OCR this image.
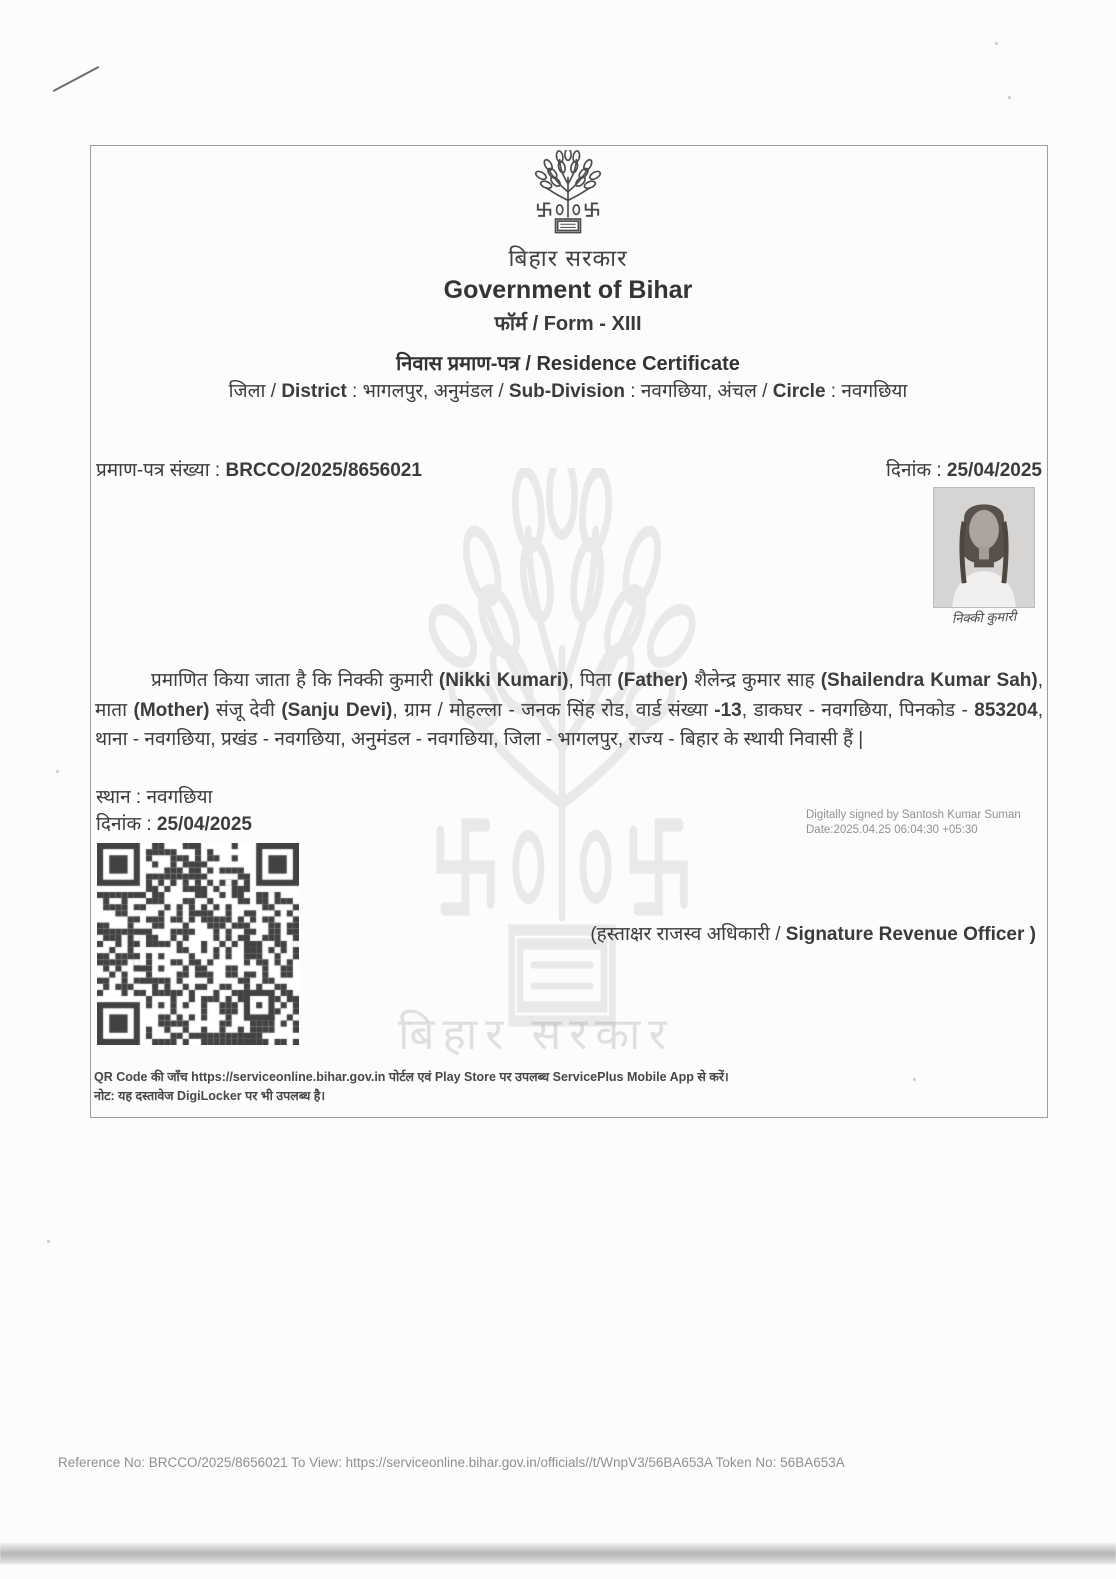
बिहार सरकार
बिहार सरकार
Government of Bihar
फॉर्म / Form - XIII
निवास प्रमाण-पत्र / Residence Certificate
जिला / District : भागलपुर, अनुमंडल / Sub-Division : नवगछिया, अंचल / Circle : नवगछिया
प्रमाण-पत्र संख्या : BRCCO/2025/8656021	दिनांक : 25/04/2025
निक्की कुमारी
प्रमाणित किया जाता है कि निक्की कुमारी (Nikki Kumari), पिता (Father) शैलेन्द्र कुमार साह (Shailendra Kumar Sah), माता (Mother) संजू देवी (Sanju Devi), ग्राम / मोहल्ला - जनक सिंह रोड, वार्ड संख्या -13, डाकघर - नवगछिया, पिनकोड - 853204, थाना - नवगछिया, प्रखंड - नवगछिया, अनुमंडल - नवगछिया, जिला - भागलपुर, राज्य - बिहार के स्थायी निवासी हैं |
स्थान : नवगछिया
दिनांक : 25/04/2025	Digitally signed by Santosh Kumar Suman
Date:2025.04.25 06:04:30 +05:30
(हस्ताक्षर राजस्व अधिकारी / Signature Revenue Officer )
QR Code की जाँच https://serviceonline.bihar.gov.in पोर्टल एवं Play Store पर उपलब्ध ServicePlus Mobile App से करें।
नोट: यह दस्तावेज DigiLocker पर भी उपलब्ध है।
Reference No: BRCCO/2025/8656021 To View: https://serviceonline.bihar.gov.in/officials//t/WnpV3/56BA653A Token No: 56BA653A
